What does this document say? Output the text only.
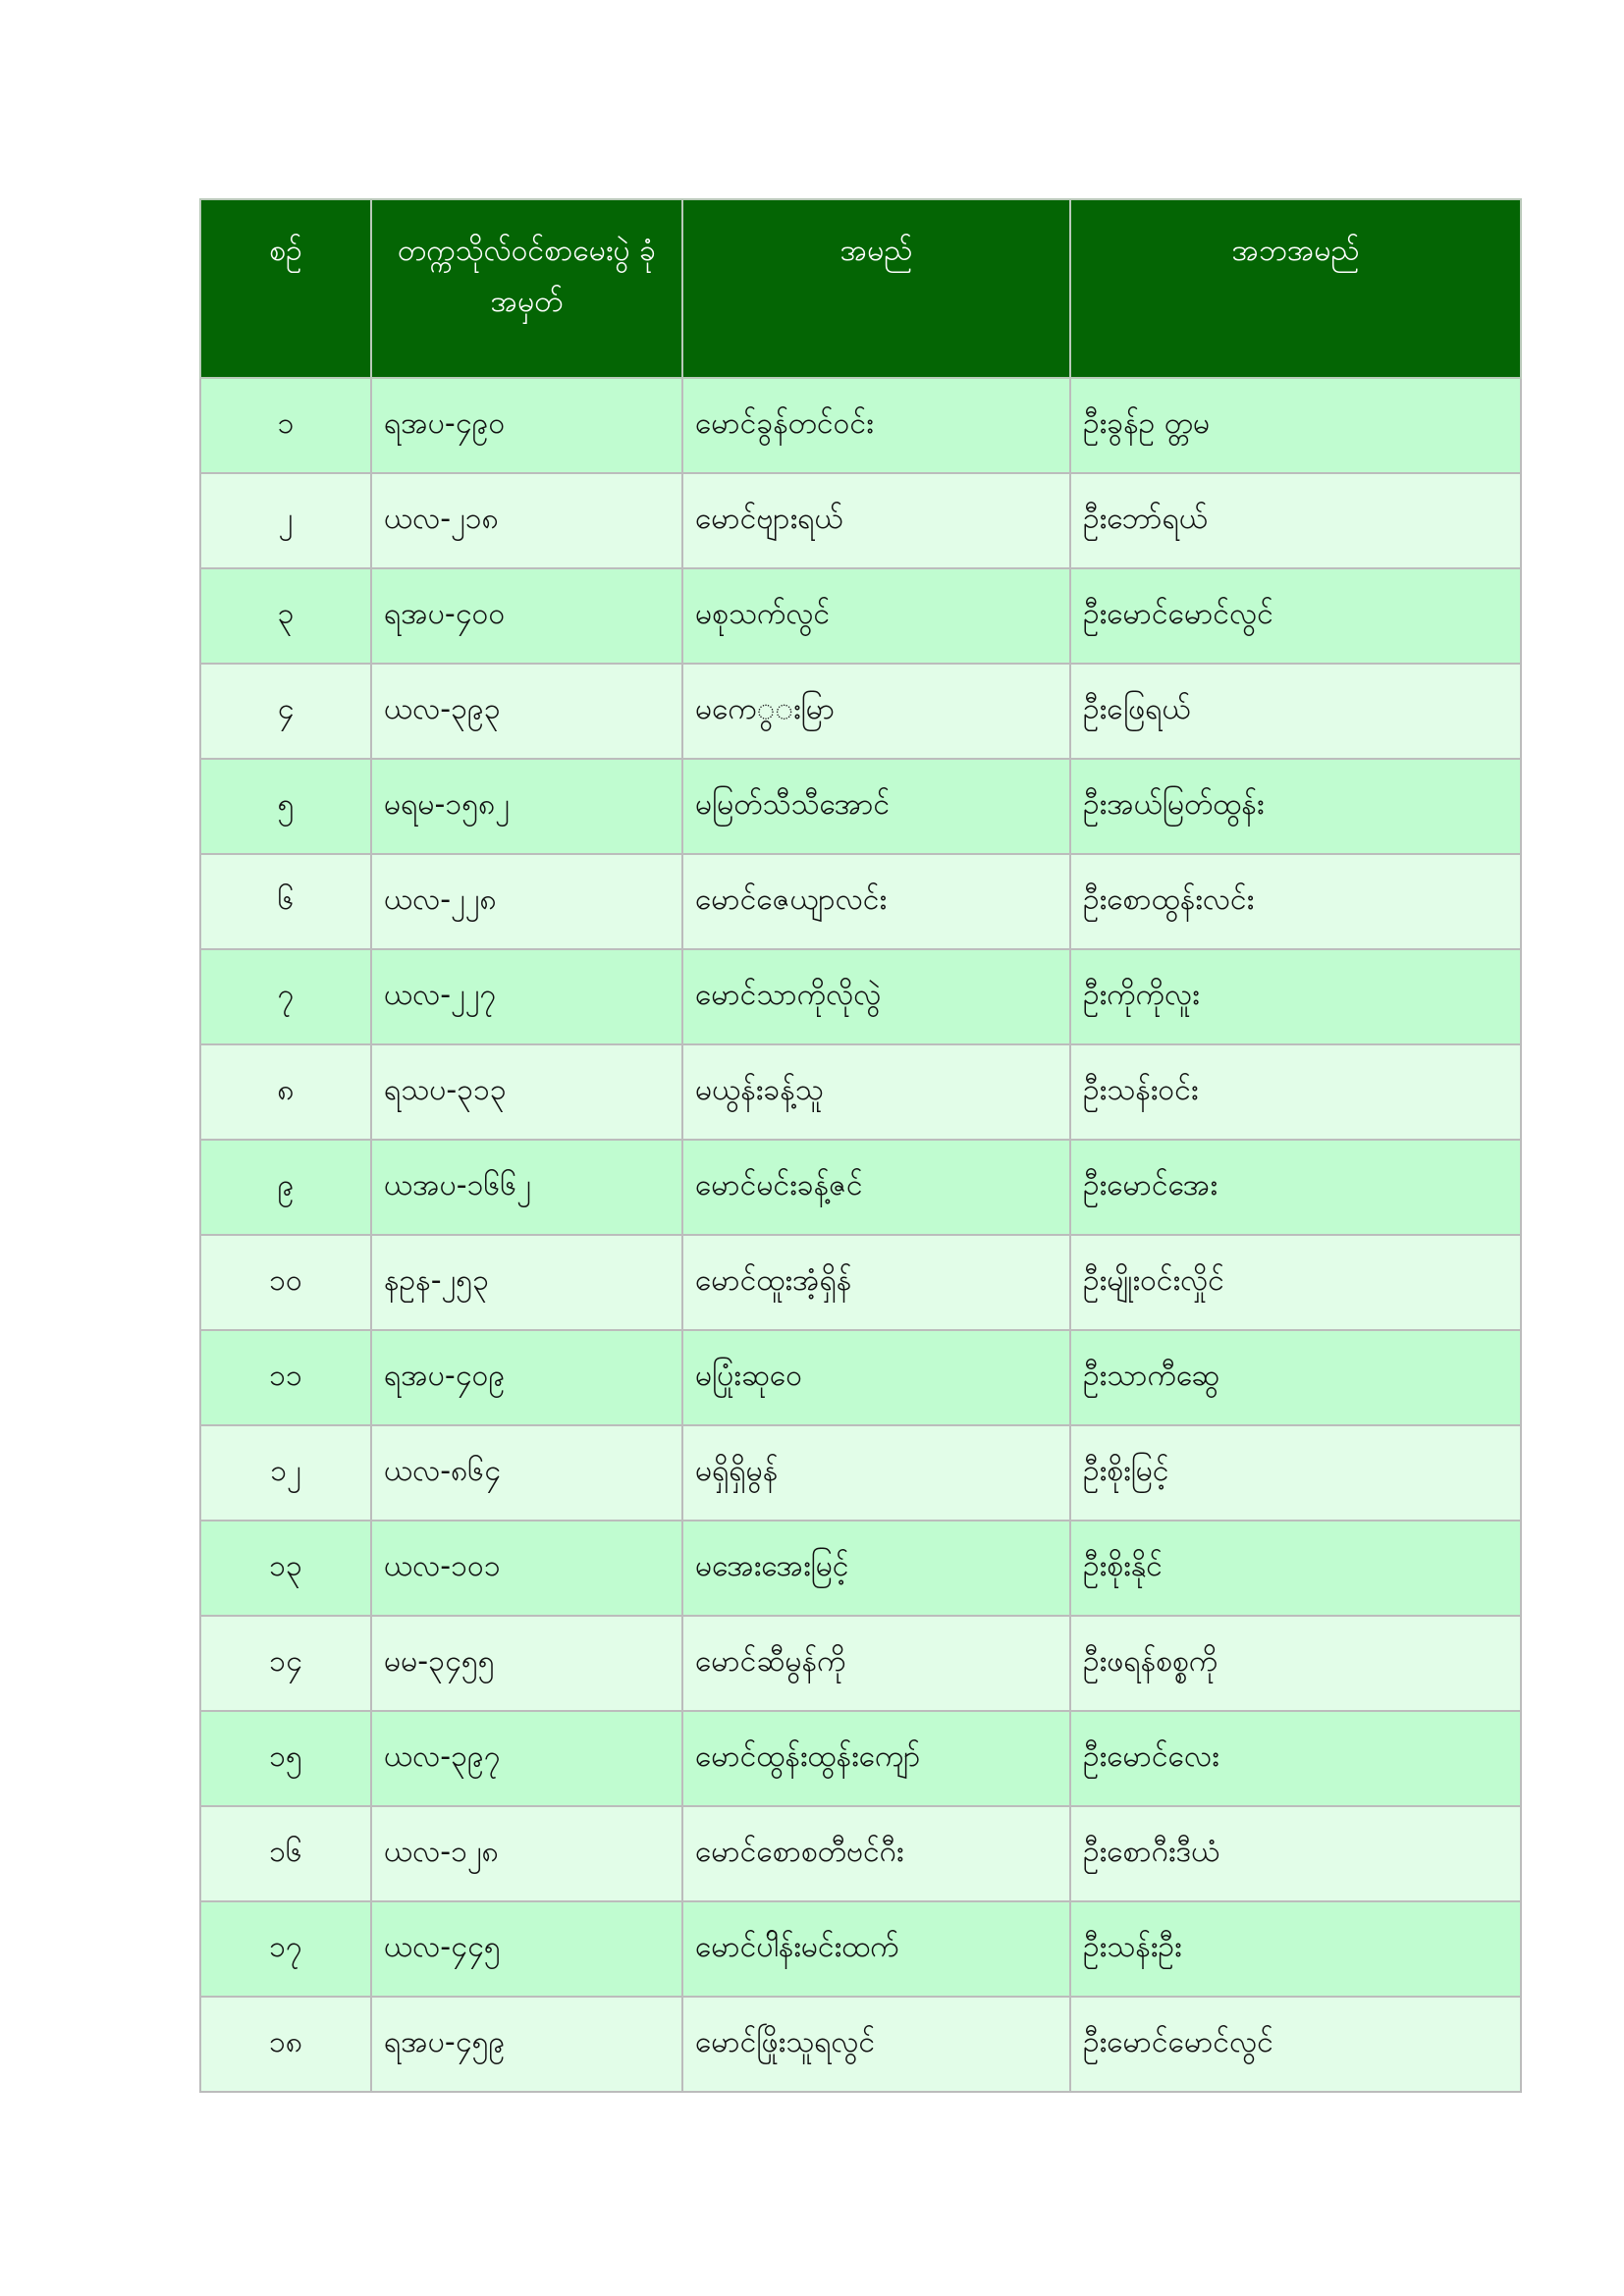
စဉ်	တက္ကသိုလ်ဝင်စာမေးပွဲ ခုံအမှတ်	အမည်	အဘအမည်
၁	ရအပ-၄၉၀	မောင်ခွန်တင်ဝင်း	ဦးခွန်ဥ တ္တမ
၂	ယလ-၂၁၈	မောင်ဗျားရယ်	ဦးဘော်ရယ်
၃	ရအပ-၄၀၀	မစုသက်လွင်	ဦးမောင်မောင်လွင်
၄	ယလ-၃၉၃	မကေ◌ွ◌းမြာ	ဦးဖြေရယ်
၅	မရမ-၁၅၈၂	မမြတ်သီသီအောင်	ဦးအယ်မြတ်ထွန်း
၆	ယလ-၂၂၈	မောင်ဇေယျာလင်း	ဦးစောထွန်းလင်း
၇	ယလ-၂၂၇	မောင်သာကိုလိုလွဲ	ဦးကိုကိုလူး
၈	ရသပ-၃၁၃	မယွန်းခန့်သူ	ဦးသန်းဝင်း
၉	ယအပ-၁၆၆၂	မောင်မင်းခန့်ဇင်	ဦးမောင်အေး
၁၀	နဥန-၂၅၃	မောင်ထူးအံ့ရှိန်	ဦးမျိုးဝင်းလှိုင်
၁၁	ရအပ-၄၀၉	မပြုံးဆုဝေ	ဦးသာကီဆွေ
၁၂	ယလ-၈၆၄	မရှိရှိမွန်	ဦးစိုးမြင့်
၁၃	ယလ-၁၀၁	မအေးအေးမြင့်	ဦးစိုးနိုင်
၁၄	မမ-၃၄၅၅	မောင်ဆီမွန်ကို	ဦးဖရန်စစ္စကို
၁၅	ယလ-၃၉၇	မောင်ထွန်းထွန်းကျော်	ဦးမောင်လေး
၁၆	ယလ-၁၂၈	မောင်စောစတီဗင်ဂီး	ဦးစောဂီးဒီယံ
၁၇	ယလ-၄၄၅	မောင်ပါိန်းမင်းထက်	ဦးသန်းဦး
၁၈	ရအပ-၄၅၉	မောင်ဖြိုးသူရလွင်	ဦးမောင်မောင်လွင်
